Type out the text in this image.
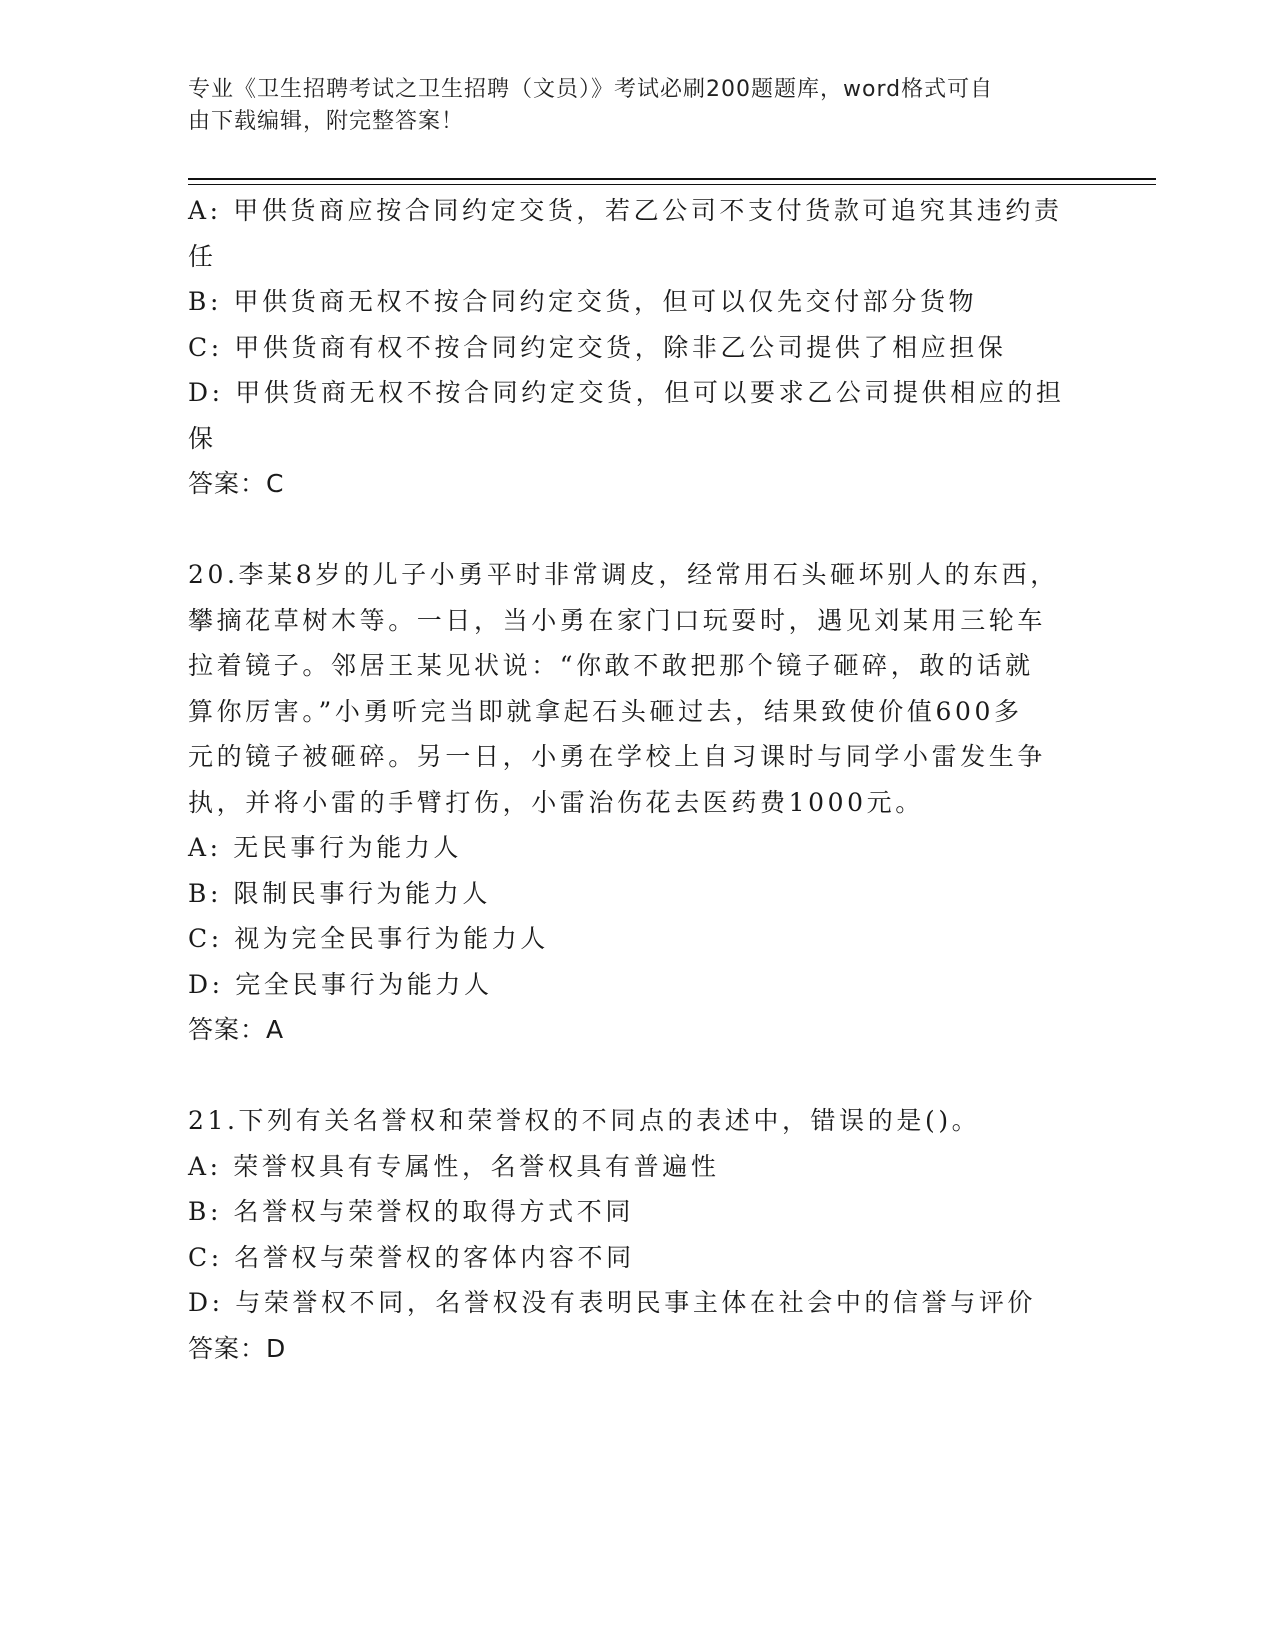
专业《卫生招聘考试之卫生招聘（文员）》考试必刷200题题库，word格式可自
由下载编辑，附完整答案！

A: 甲供货商应按合同约定交货，若乙公司不支付货款可追究其违约责

任

B: 甲供货商无权不按合同约定交货，但可以仅先交付部分货物

C: 甲供货商有权不按合同约定交货，除非乙公司提供了相应担保

D: 甲供货商无权不按合同约定交货，但可以要求乙公司提供相应的担

保

答案：C

20.李某8岁的儿子小勇平时非常调皮，经常用石头砸坏别人的东西，

攀摘花草树木等。一日，当小勇在家门口玩耍时，遇见刘某用三轮车

拉着镜子。邻居王某见状说：“你敢不敢把那个镜子砸碎，敢的话就

算你厉害。”小勇听完当即就拿起石头砸过去，结果致使价值600多

元的镜子被砸碎。另一日，小勇在学校上自习课时与同学小雷发生争

执，并将小雷的手臂打伤，小雷治伤花去医药费1000元。

A: 无民事行为能力人

B: 限制民事行为能力人

C: 视为完全民事行为能力人

D: 完全民事行为能力人

答案：A

21.下列有关名誉权和荣誉权的不同点的表述中，错误的是()。

A: 荣誉权具有专属性，名誉权具有普遍性

B: 名誉权与荣誉权的取得方式不同

C: 名誉权与荣誉权的客体内容不同

D: 与荣誉权不同，名誉权没有表明民事主体在社会中的信誉与评价

答案：D
